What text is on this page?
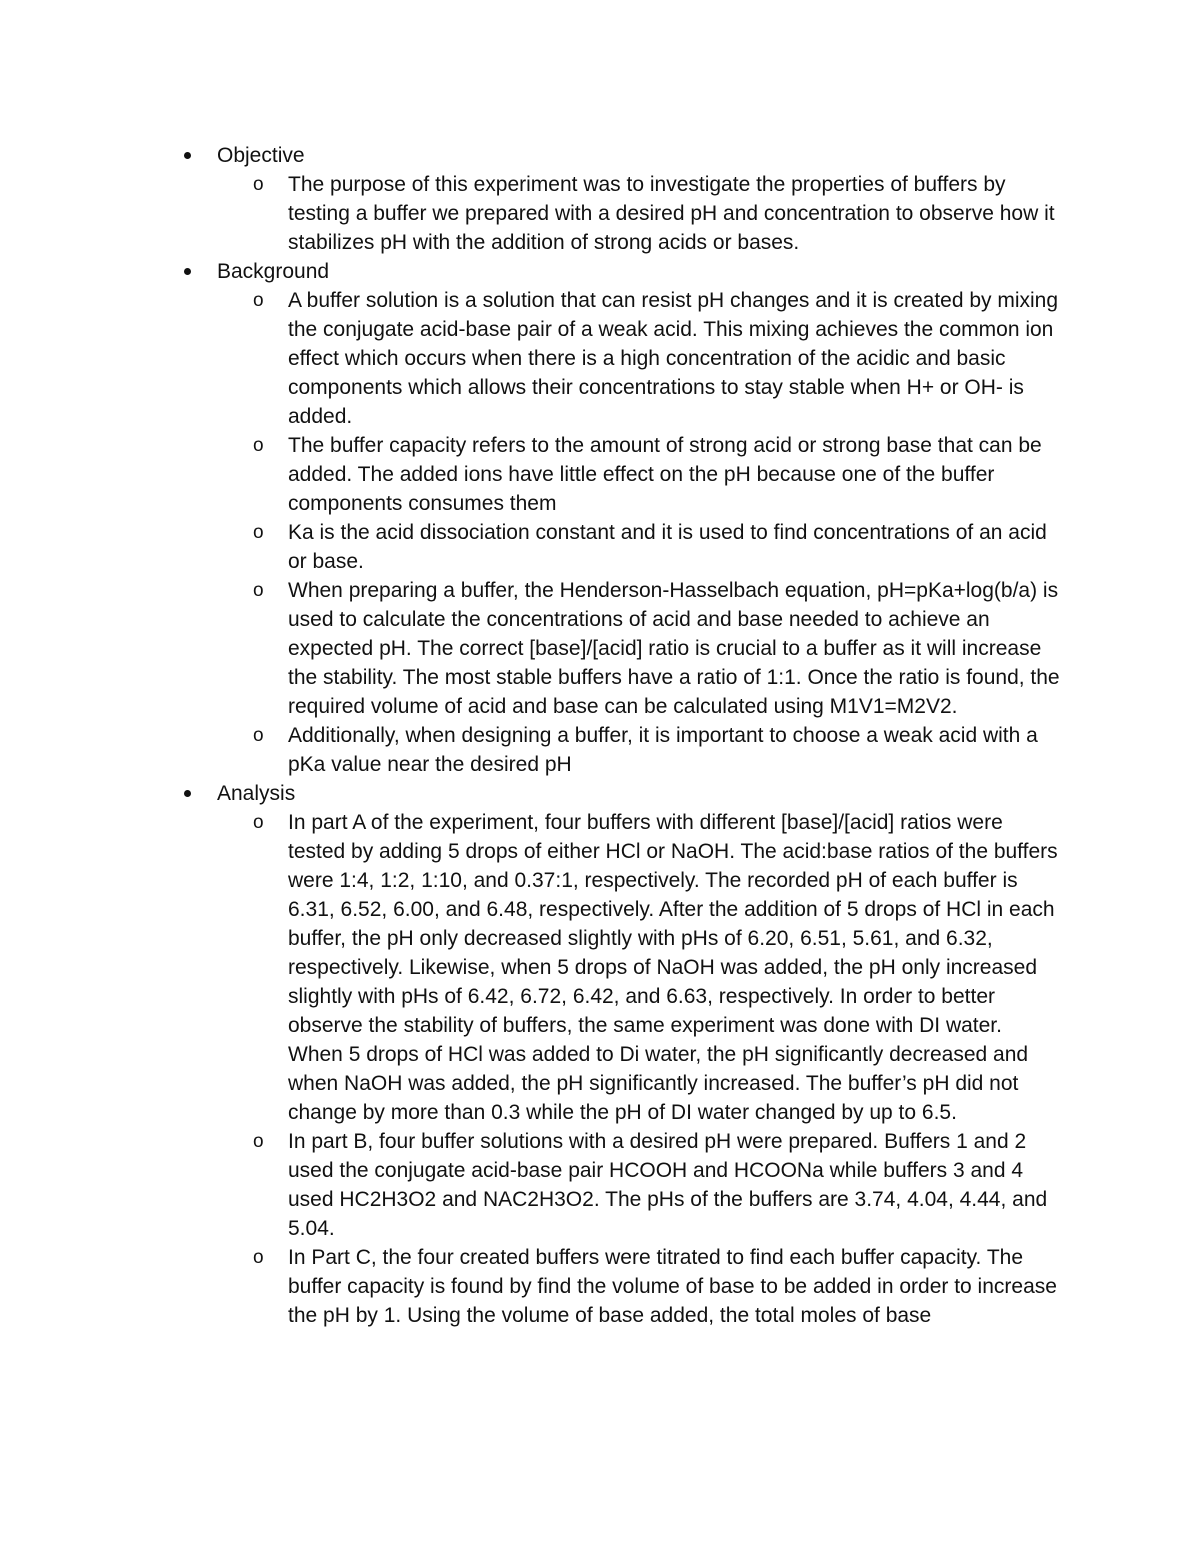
Objective
o The purpose of this experiment was to investigate the properties of buffers by testing a buffer we prepared with a desired pH and concentration to observe how it stabilizes pH with the addition of strong acids or bases.
Background
o A buffer solution is a solution that can resist pH changes and it is created by mixing the conjugate acid-base pair of a weak acid. This mixing achieves the common ion effect which occurs when there is a high concentration of the acidic and basic components which allows their concentrations to stay stable when H+ or OH- is added.
o The buffer capacity refers to the amount of strong acid or strong base that can be added. The added ions have little effect on the pH because one of the buffer components consumes them
o Ka is the acid dissociation constant and it is used to find concentrations of an acid or base.
o When preparing a buffer, the Henderson-Hasselbach equation, pH=pKa+log(b/a) is used to calculate the concentrations of acid and base needed to achieve an expected pH. The correct [base]/[acid] ratio is crucial to a buffer as it will increase the stability. The most stable buffers have a ratio of 1:1. Once the ratio is found, the required volume of acid and base can be calculated using M1V1=M2V2.
o Additionally, when designing a buffer, it is important to choose a weak acid with a pKa value near the desired pH
Analysis
o In part A of the experiment, four buffers with different [base]/[acid] ratios were tested by adding 5 drops of either HCl or NaOH. The acid:base ratios of the buffers were 1:4, 1:2, 1:10, and 0.37:1, respectively. The recorded pH of each buffer is 6.31, 6.52, 6.00, and 6.48, respectively. After the addition of 5 drops of HCl in each buffer, the pH only decreased slightly with pHs of 6.20, 6.51, 5.61, and 6.32, respectively. Likewise, when 5 drops of NaOH was added, the pH only increased slightly with pHs of 6.42, 6.72, 6.42, and 6.63, respectively. In order to better observe the stability of buffers, the same experiment was done with DI water. When 5 drops of HCl was added to Di water, the pH significantly decreased and when NaOH was added, the pH significantly increased. The buffer’s pH did not change by more than 0.3 while the pH of DI water changed by up to 6.5.
o In part B, four buffer solutions with a desired pH were prepared. Buffers 1 and 2 used the conjugate acid-base pair HCOOH and HCOONa while buffers 3 and 4 used HC2H3O2 and NAC2H3O2. The pHs of the buffers are 3.74, 4.04, 4.44, and 5.04.
o In Part C, the four created buffers were titrated to find each buffer capacity. The buffer capacity is found by find the volume of base to be added in order to increase the pH by 1. Using the volume of base added, the total moles of base
